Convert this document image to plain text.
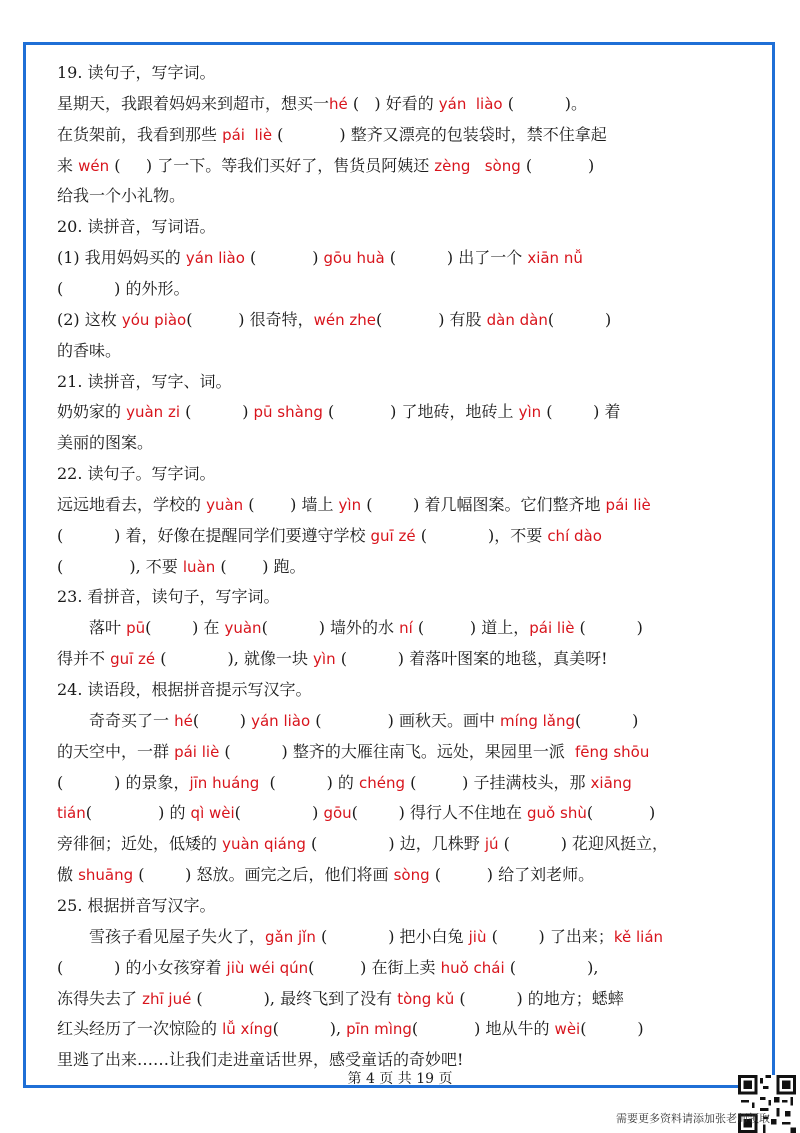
19. 读句子，写字词。
星期天，我跟着妈妈来到超市，想买一hé ( ) 好看的 yán  liào (	)。
在货架前，我看到那些 pái  liè (	) 整齐又漂亮的包装袋时，禁不住拿起
来 wén ( ) 了一下。等我们买好了，售货员阿姨还 zèng   sòng (	)
给我一个小礼物。
20. 读拼音，写词语。
(1) 我用妈妈买的 yán liào (	) gōu huà (	) 出了一个 xiān nǚ
(	) 的外形。
(2) 这枚 yóu piào(	) 很奇特，wén zhe(	) 有股 dàn dàn(	)
的香味。
21. 读拼音，写字、词。
奶奶家的 yuàn zi (	) pū shàng (	) 了地砖，地砖上 yìn (	) 着
美丽的图案。
22. 读句子。写字词。
远远地看去，学校的 yuàn ( ) 墙上 yìn (	) 着几幅图案。它们整齐地 pái liè
(	) 着，好像在提醒同学们要遵守学校 guī zé (	)，不要 chí dào
(	), 不要 luàn ( ) 跑。
23. 看拼音，读句子，写字词。
落叶 pū(	) 在 yuàn(	) 墙外的水 ní (	) 道上，pái liè (	)
得并不 guī zé (	), 就像一块 yìn (	) 着落叶图案的地毯，真美呀!
24. 读语段，根据拼音提示写汉字。
奇奇买了一 hé(	) yán liào (	) 画秋天。画中 míng lǎng(	)
的天空中，一群 pái liè (	) 整齐的大雁往南飞。远处，果园里一派  fēng shōu
(	) 的景象，jīn huáng  (	) 的 chéng (	) 子挂满枝头，那 xiāng
tián(	) 的 qì wèi(	) gōu(	) 得行人不住地在 guǒ shù(	)
旁徘徊；近处，低矮的 yuàn qiáng (	) 边，几株野 jú (	) 花迎风挺立，
傲 shuāng (	) 怒放。画完之后，他们将画 sòng (	) 给了刘老师。
25. 根据拼音写汉字。
雪孩子看见屋子失火了，gǎn jǐn (	) 把小白兔 jiù (	) 了出来；kě lián
(	) 的小女孩穿着 jiù wéi qún(	) 在街上卖 huǒ chái (	),
冻得失去了 zhī jué (	), 最终飞到了没有 tòng kǔ (	) 的地方；蟋蟀
红头经历了一次惊险的 lǚ xíng(	), pīn mìng(	) 地从牛的 wèi(	)
里逃了出来……让我们走进童话世界，感受童话的奇妙吧!
第 4 页 共 19 页
需要更多资料请添加张老师领取
